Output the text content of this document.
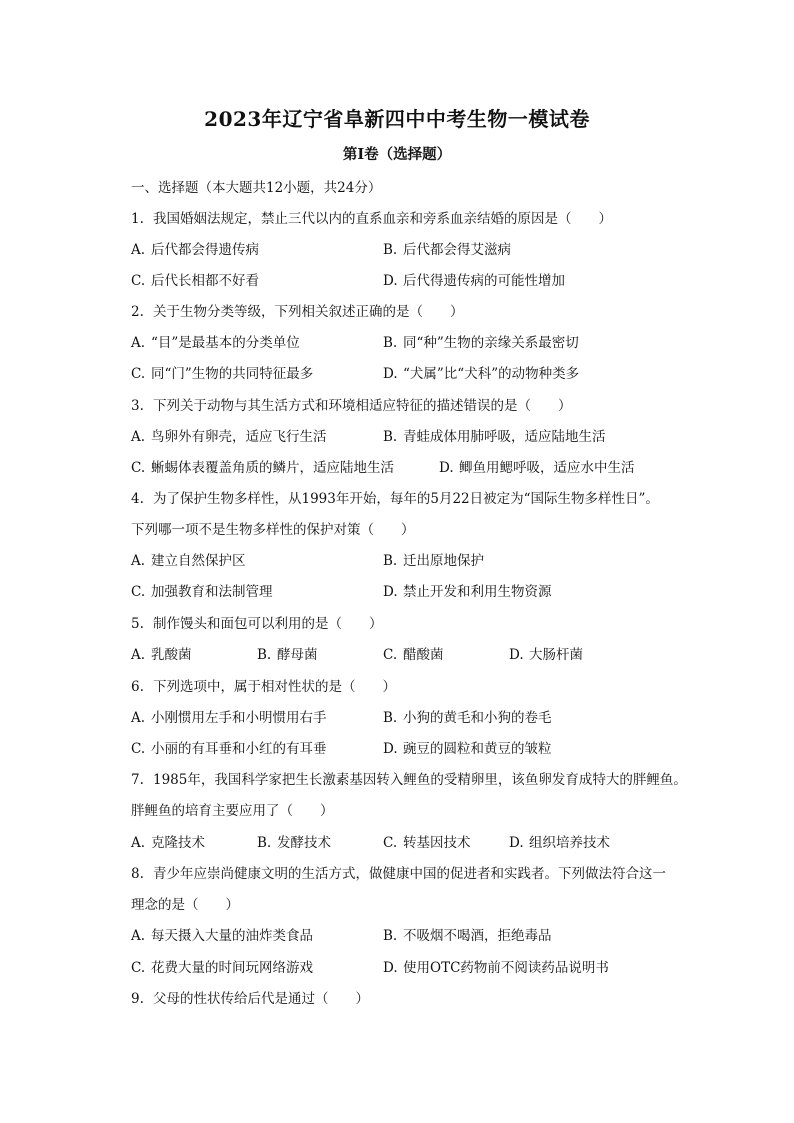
2023年辽宁省阜新四中中考生物一模试卷
第I卷（选择题）
一、选择题（本大题共12小题，共24分）
1. 我国婚姻法规定，禁止三代以内的直系血亲和旁系血亲结婚的原因是（　　）
A. 后代都会得遗传病	B. 后代都会得艾滋病
C. 后代长相都不好看	D. 后代得遗传病的可能性增加
2. 关于生物分类等级，下列相关叙述正确的是（　　）
A. “目”是最基本的分类单位	B. 同“种”生物的亲缘关系最密切
C. 同“门”生物的共同特征最多	D. “犬属”比“犬科”的动物种类多
3. 下列关于动物与其生活方式和环境相适应特征的描述错误的是（　　）
A. 鸟卵外有卵壳，适应飞行生活	B. 青蛙成体用肺呼吸，适应陆地生活
C. 蜥蜴体表覆盖角质的鳞片，适应陆地生活	D. 鲫鱼用鳃呼吸，适应水中生活
4. 为了保护生物多样性，从1993年开始，每年的5月22日被定为“国际生物多样性日”。
下列哪一项不是生物多样性的保护对策（　　）
A. 建立自然保护区	B. 迁出原地保护
C. 加强教育和法制管理	D. 禁止开发和利用生物资源
5. 制作馒头和面包可以利用的是（　　）
A. 乳酸菌	B. 酵母菌	C. 醋酸菌	D. 大肠杆菌
6. 下列选项中，属于相对性状的是（　　）
A. 小刚惯用左手和小明惯用右手	B. 小狗的黄毛和小狗的卷毛
C. 小丽的有耳垂和小红的有耳垂	D. 豌豆的圆粒和黄豆的皱粒
7. 1985年，我国科学家把生长激素基因转入鲤鱼的受精卵里，该鱼卵发育成特大的胖鲤鱼。
胖鲤鱼的培育主要应用了（　　）
A. 克隆技术	B. 发酵技术	C. 转基因技术	D. 组织培养技术
8. 青少年应崇尚健康文明的生活方式，做健康中国的促进者和实践者。下列做法符合这一
理念的是（　　）
A. 每天摄入大量的油炸类食品	B. 不吸烟不喝酒，拒绝毒品
C. 花费大量的时间玩网络游戏	D. 使用OTC药物前不阅读药品说明书
9. 父母的性状传给后代是通过（　　）
